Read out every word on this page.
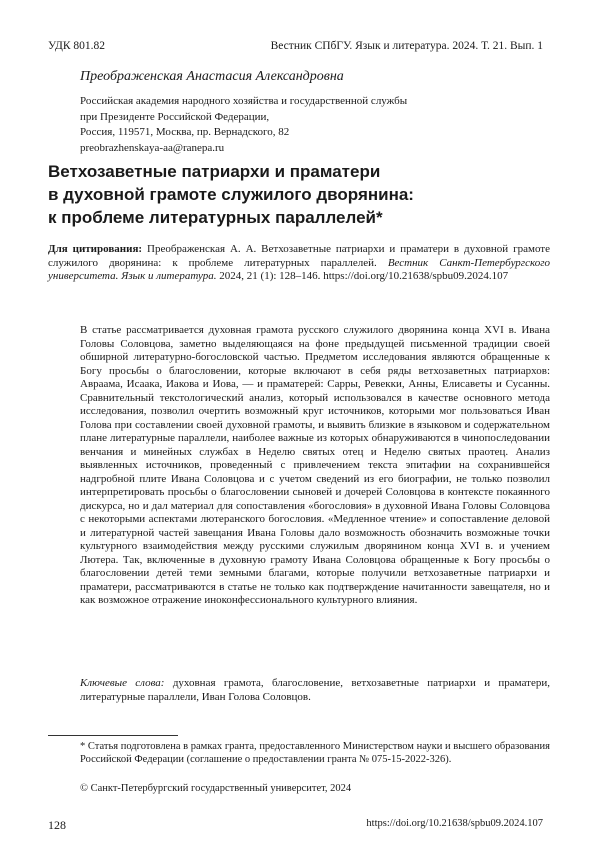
УДК 801.82	Вестник СПбГУ. Язык и литература. 2024. Т. 21. Вып. 1
Преображенская Анастасия Александровна
Российская академия народного хозяйства и государственной службы
при Президенте Российской Федерации,
Россия, 119571, Москва, пр. Вернадского, 82
preobrazhenskaya-aa@ranepa.ru
Ветхозаветные патриархи и праматери
в духовной грамоте служилого дворянина:
к проблеме литературных параллелей*
Для цитирования: Преображенская А. А. Ветхозаветные патриархи и праматери в духовной грамоте служилого дворянина: к проблеме литературных параллелей. Вестник Санкт-Петербургского университета. Язык и литература. 2024, 21 (1): 128–146. https://doi.org/10.21638/spbu09.2024.107
В статье рассматривается духовная грамота русского служилого дворянина конца XVI в. Ивана Головы Соловцова, заметно выделяющаяся на фоне предыдущей письменной традиции своей обширной литературно-богословской частью. Предметом исследования являются обращенные к Богу просьбы о благословении, которые включают в себя ряды ветхозаветных патриархов: Авраама, Исаака, Иакова и Иова, — и праматерей: Сарры, Ревекки, Анны, Елисаветы и Сусанны. Сравнительный текстологический анализ, который использовался в качестве основного метода исследования, позволил очертить возможный круг источников, которыми мог пользоваться Иван Голова при составлении своей духовной грамоты, и выявить близкие в языковом и содержательном плане литературные параллели, наиболее важные из которых обнаруживаются в чинопоследовании венчания и минейных службах в Неделю святых отец и Неделю святых праотец. Анализ выявленных источников, проведенный с привлечением текста эпитафии на сохранившейся надгробной плите Ивана Соловцова и с учетом сведений из его биографии, не только позволил интерпретировать просьбы о благословении сыновей и дочерей Соловцова в контексте покаянного дискурса, но и дал материал для сопоставления «богословия» в духовной Ивана Головы Соловцова с некоторыми аспектами лютеранского богословия. «Медленное чтение» и сопоставление деловой и литературной частей завещания Ивана Головы дало возможность обозначить возможные точки культурного взаимодействия между русскими служилым дворянином конца XVI в. и учением Лютера. Так, включенные в духовную грамоту Ивана Соловцова обращенные к Богу просьбы о благословении детей теми земными благами, которые получили ветхозаветные патриархи и праматери, рассматриваются в статье не только как подтверждение начитанности завещателя, но и как возможное отражение иноконфессионального культурного влияния.
Ключевые слова: духовная грамота, благословение, ветхозаветные патриархи и праматери, литературные параллели, Иван Голова Соловцов.
* Статья подготовлена в рамках гранта, предоставленного Министерством науки и высшего образования Российской Федерации (соглашение о предоставлении гранта № 075-15-2022-326).
© Санкт-Петербургский государственный университет, 2024
128	https://doi.org/10.21638/spbu09.2024.107
